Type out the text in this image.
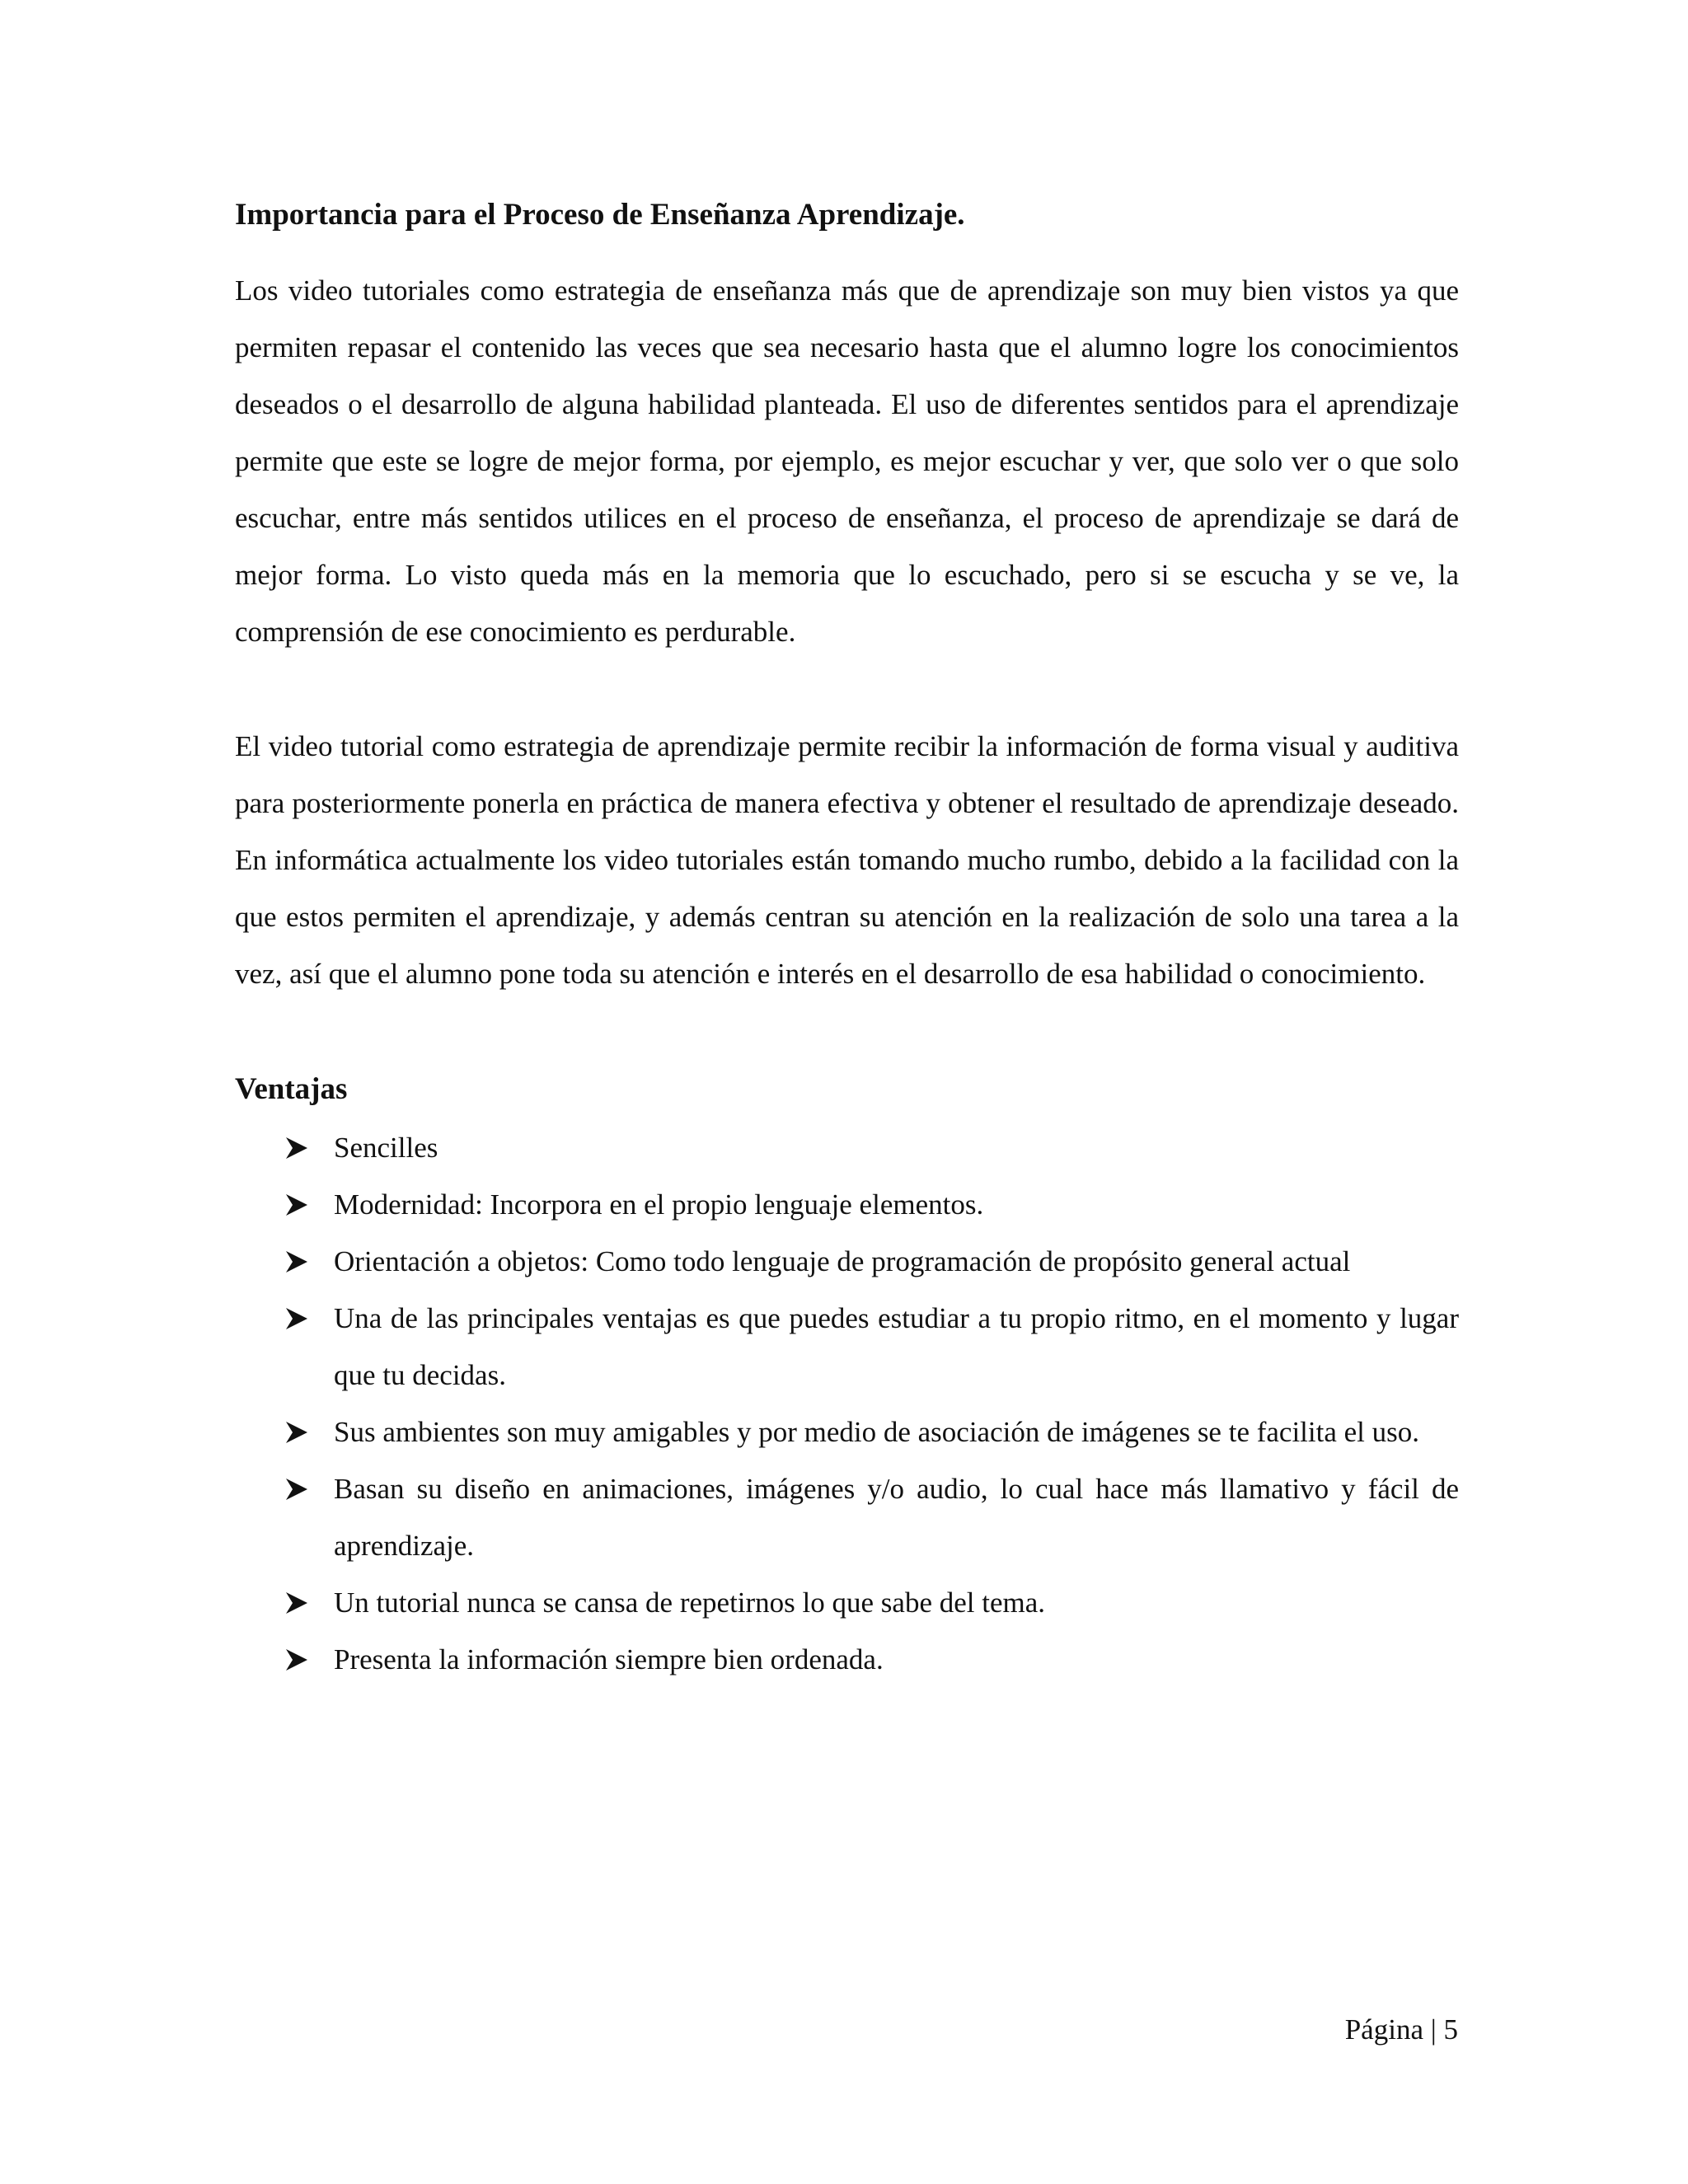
Importancia para el Proceso de Enseñanza Aprendizaje.

Los video tutoriales como estrategia de enseñanza más que de aprendizaje son muy bien vistos ya que permiten repasar el contenido las veces que sea necesario hasta que el alumno logre los conocimientos deseados o el desarrollo de alguna habilidad planteada. El uso de diferentes sentidos para el aprendizaje permite que este se logre de mejor forma, por ejemplo, es mejor escuchar y ver, que solo ver o que solo escuchar, entre más sentidos utilices en el proceso de enseñanza, el proceso de aprendizaje se dará de mejor forma. Lo visto queda más en la memoria que lo escuchado, pero si se escucha y se ve, la comprensión de ese conocimiento es perdurable.

El video tutorial como estrategia de aprendizaje permite recibir la información de forma visual y auditiva para posteriormente ponerla en práctica de manera efectiva y obtener el resultado de aprendizaje deseado. En informática actualmente los video tutoriales están tomando mucho rumbo, debido a la facilidad con la que estos permiten el aprendizaje, y además centran su atención en la realización de solo una tarea a la vez, así que el alumno pone toda su atención e interés en el desarrollo de esa habilidad o conocimiento.

Ventajas
Sencilles
Modernidad: Incorpora en el propio lenguaje elementos.
Orientación a objetos: Como todo lenguaje de programación de propósito general actual
Una de las principales ventajas es que puedes estudiar a tu propio ritmo, en el momento y lugar que tu decidas.
Sus ambientes son muy amigables y por medio de asociación de imágenes se te facilita el uso.
Basan su diseño en animaciones, imágenes y/o audio, lo cual hace más llamativo y fácil de aprendizaje.
Un tutorial nunca se cansa de repetirnos lo que sabe del tema.
Presenta la información siempre bien ordenada.
Página | 5
